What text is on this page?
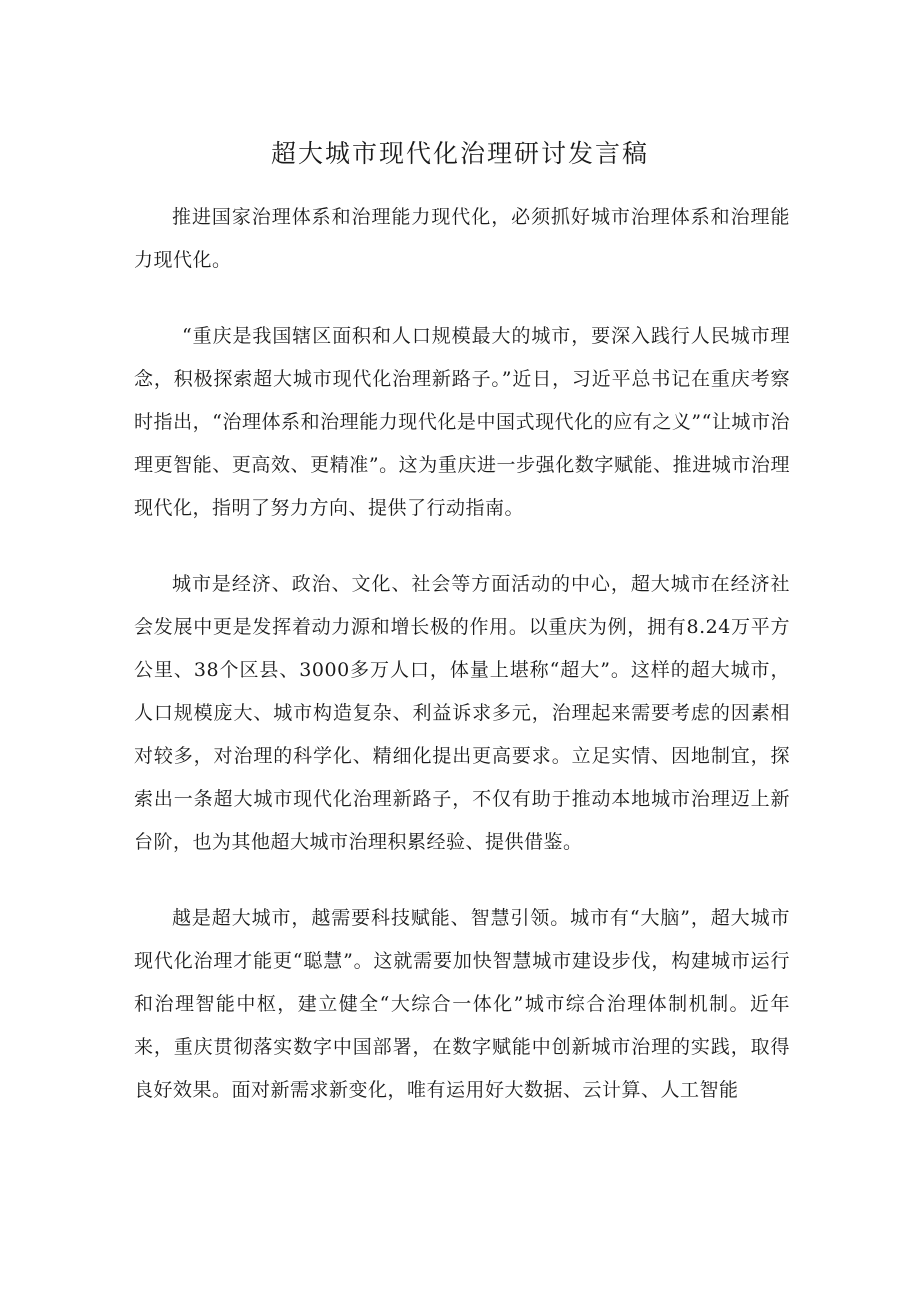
超大城市现代化治理研讨发言稿

推进国家治理体系和治理能力现代化，必须抓好城市治理体系和治理能力现代化。

“重庆是我国辖区面积和人口规模最大的城市，要深入践行人民城市理念，积极探索超大城市现代化治理新路子。”近日，习近平总书记在重庆考察时指出，“治理体系和治理能力现代化是中国式现代化的应有之义”“让城市治理更智能、更高效、更精准”。这为重庆进一步强化数字赋能、推进城市治理现代化，指明了努力方向、提供了行动指南。

城市是经济、政治、文化、社会等方面活动的中心，超大城市在经济社会发展中更是发挥着动力源和增长极的作用。以重庆为例，拥有8.24万平方公里、38个区县、3000多万人口，体量上堪称“超大”。这样的超大城市，人口规模庞大、城市构造复杂、利益诉求多元，治理起来需要考虑的因素相对较多，对治理的科学化、精细化提出更高要求。立足实情、因地制宜，探索出一条超大城市现代化治理新路子，不仅有助于推动本地城市治理迈上新台阶，也为其他超大城市治理积累经验、提供借鉴。

越是超大城市，越需要科技赋能、智慧引领。城市有“大脑”，超大城市现代化治理才能更“聪慧”。这就需要加快智慧城市建设步伐，构建城市运行和治理智能中枢，建立健全“大综合一体化”城市综合治理体制机制。近年来，重庆贯彻落实数字中国部署，在数字赋能中创新城市治理的实践，取得良好效果。面对新需求新变化，唯有运用好大数据、云计算、人工智能
